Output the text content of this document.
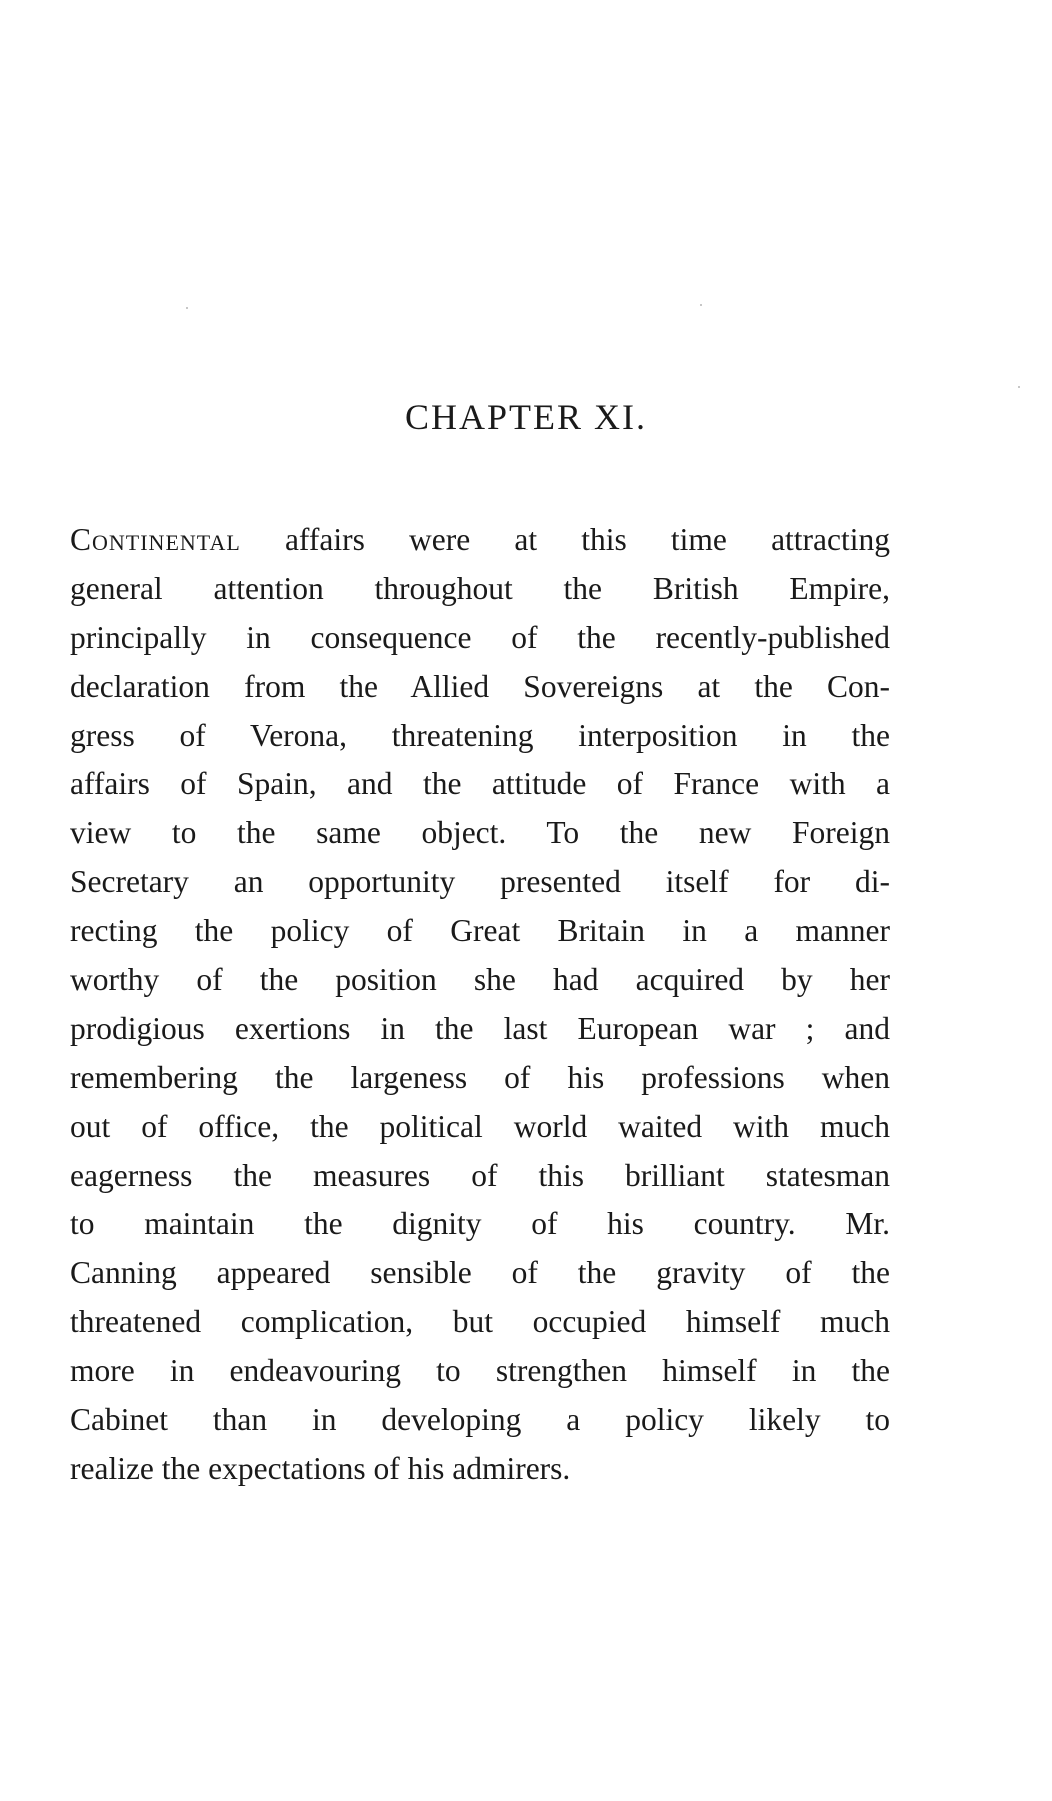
CHAPTER XI.
Continental affairs were at this time attracting
general attention throughout the British Empire,
principally in consequence of the recently-published
declaration from the Allied Sovereigns at the Con-
gress of Verona, threatening interposition in the
affairs of Spain, and the attitude of France with a
view to the same object. To the new Foreign
Secretary an opportunity presented itself for di-
recting the policy of Great Britain in a manner
worthy of the position she had acquired by her
prodigious exertions in the last European war ; and
remembering the largeness of his professions when
out of office, the political world waited with much
eagerness the measures of this brilliant statesman
to maintain the dignity of his country. Mr.
Canning appeared sensible of the gravity of the
threatened complication, but occupied himself much
more in endeavouring to strengthen himself in the
Cabinet than in developing a policy likely to
realize the expectations of his admirers.
